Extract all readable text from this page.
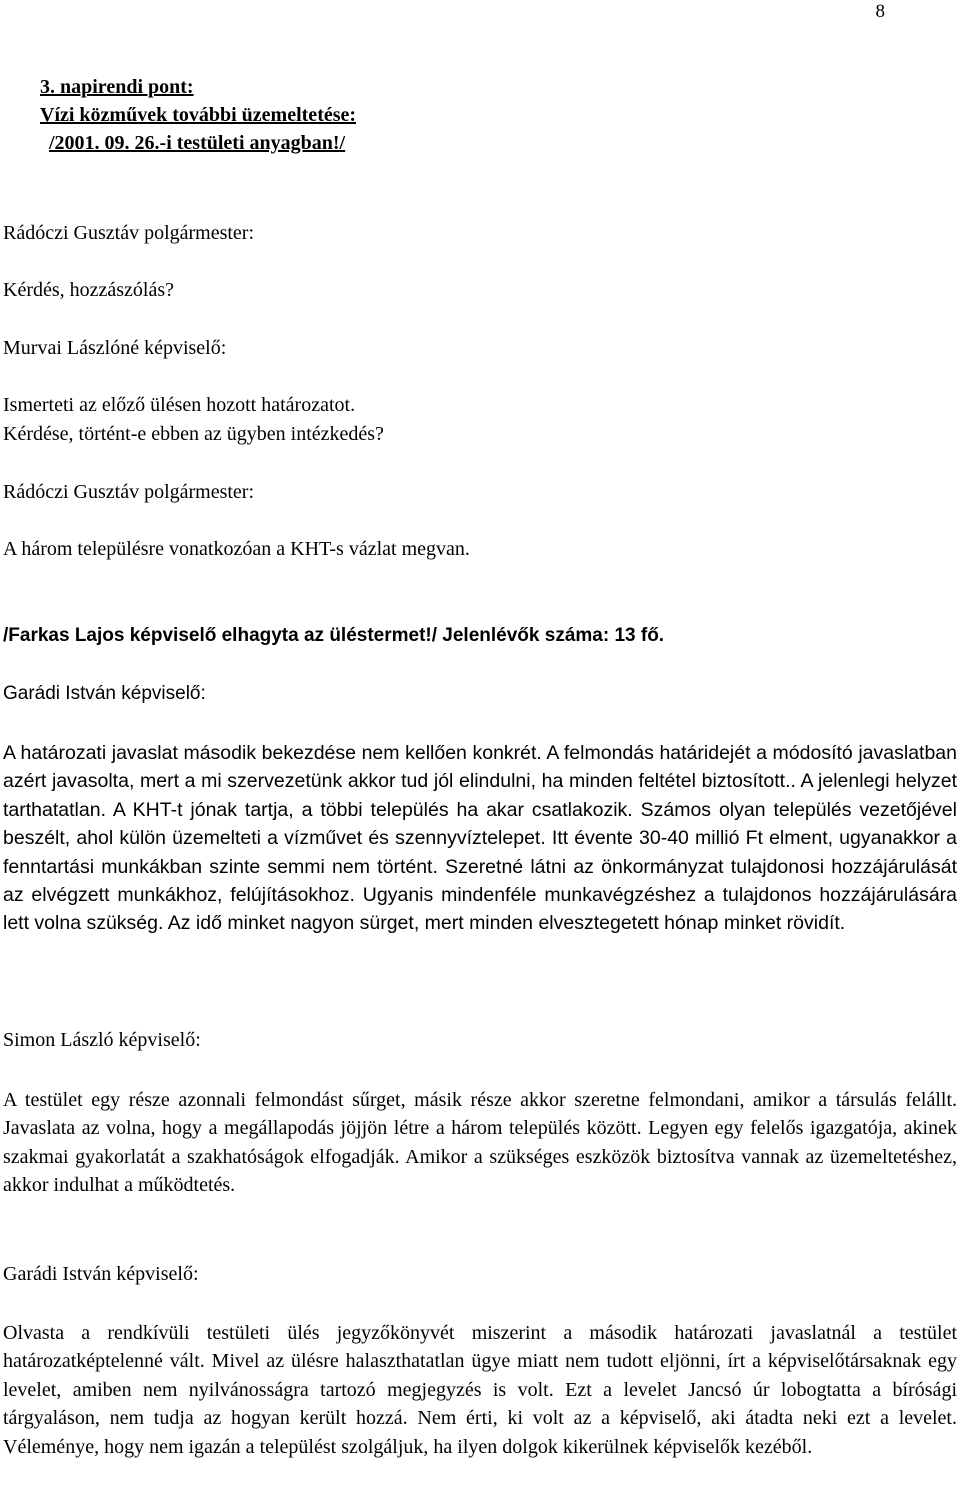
8
3. napirendi pont:
Vízi közművek további üzemeltetése:
/2001. 09. 26.-i testületi anyagban!/
Rádóczi Gusztáv polgármester:
Kérdés, hozzászólás?
Murvai Lászlóné képviselő:
Ismerteti az előző ülésen hozott határozatot.
Kérdése, történt-e ebben az ügyben intézkedés?
Rádóczi Gusztáv polgármester:
A három településre vonatkozóan a KHT-s vázlat megvan.
/Farkas Lajos képviselő elhagyta az üléstermet!/ Jelenlévők száma: 13 fő.
Garádi István képviselő:
A határozati javaslat második bekezdése nem kellően konkrét. A felmondás határidejét a módosító javaslatban azért javasolta, mert a mi szervezetünk akkor tud jól elindulni, ha minden feltétel biztosított.. A jelenlegi helyzet tarthatatlan. A KHT-t jónak tartja, a többi település ha akar csatlakozik. Számos olyan település vezetőjével beszélt, ahol külön üzemelteti a vízművet és szennyvíztelepet. Itt évente 30-40 millió Ft elment, ugyanakkor a fenntartási munkákban szinte semmi nem történt. Szeretné látni az önkormányzat tulajdonosi hozzájárulását az elvégzett munkákhoz, felújításokhoz. Ugyanis mindenféle munkavégzéshez a tulajdonos hozzájárulására lett volna szükség. Az idő minket nagyon sürget, mert minden elvesztegetett hónap minket rövidít.
Simon László képviselő:
A testület egy része azonnali felmondást sűrget, másik része akkor szeretne felmondani, amikor a társulás felállt. Javaslata az volna, hogy a megállapodás jöjjön létre a három település között. Legyen egy felelős igazgatója, akinek szakmai gyakorlatát a szakhatóságok elfogadják. Amikor a szükséges eszközök biztosítva vannak az üzemeltetéshez, akkor indulhat a működtetés.
Garádi István képviselő:
Olvasta a rendkívüli testületi ülés jegyzőkönyvét miszerint a második határozati javaslatnál a testület határozatképtelenné vált. Mivel az ülésre halaszthatatlan ügye miatt nem tudott eljönni, írt a képviselőtársaknak egy levelet, amiben nem nyilvánosságra tartozó megjegyzés is volt. Ezt a levelet Jancsó úr lobogtatta a bírósági tárgyaláson, nem tudja az hogyan került hozzá. Nem érti, ki volt az a képviselő, aki átadta neki ezt a levelet. Véleménye, hogy nem igazán a települést szolgáljuk, ha ilyen dolgok kikerülnek képviselők kezéből.
